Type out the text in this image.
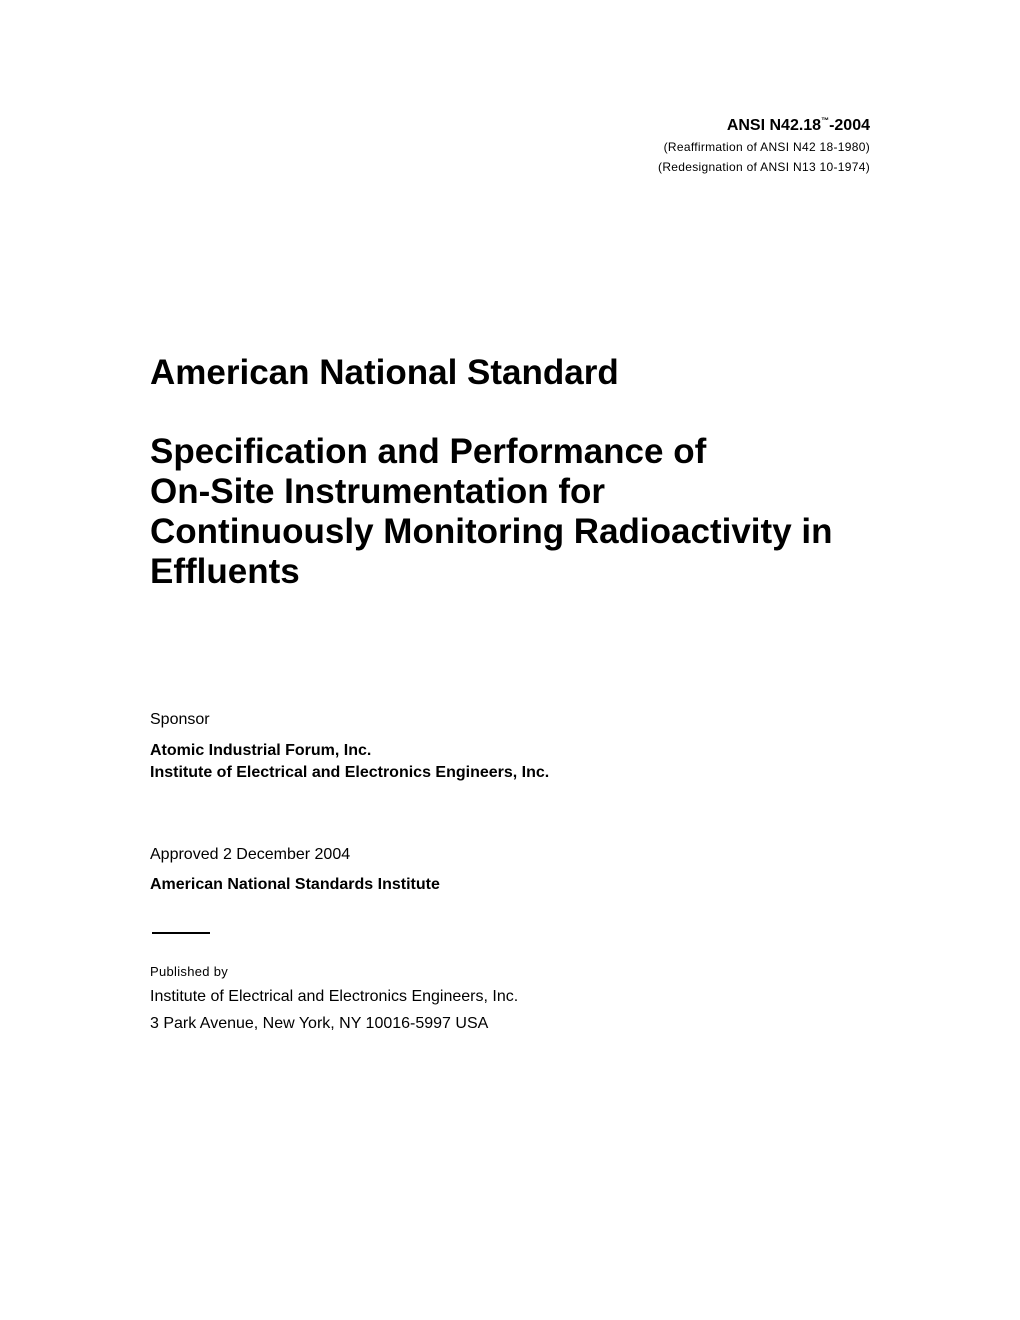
ANSI N42.18™-2004
(Reaffirmation of ANSI N42 18-1980)
(Redesignation of ANSI N13 10-1974)
American National Standard
Specification and Performance of
On-Site Instrumentation for
Continuously Monitoring Radioactivity in
Effluents
Sponsor
Atomic Industrial Forum, Inc.
Institute of Electrical and Electronics Engineers, Inc.
Approved 2 December 2004
American National Standards Institute
Published by
Institute of Electrical and Electronics Engineers, Inc.
3 Park Avenue, New York, NY 10016-5997 USA
